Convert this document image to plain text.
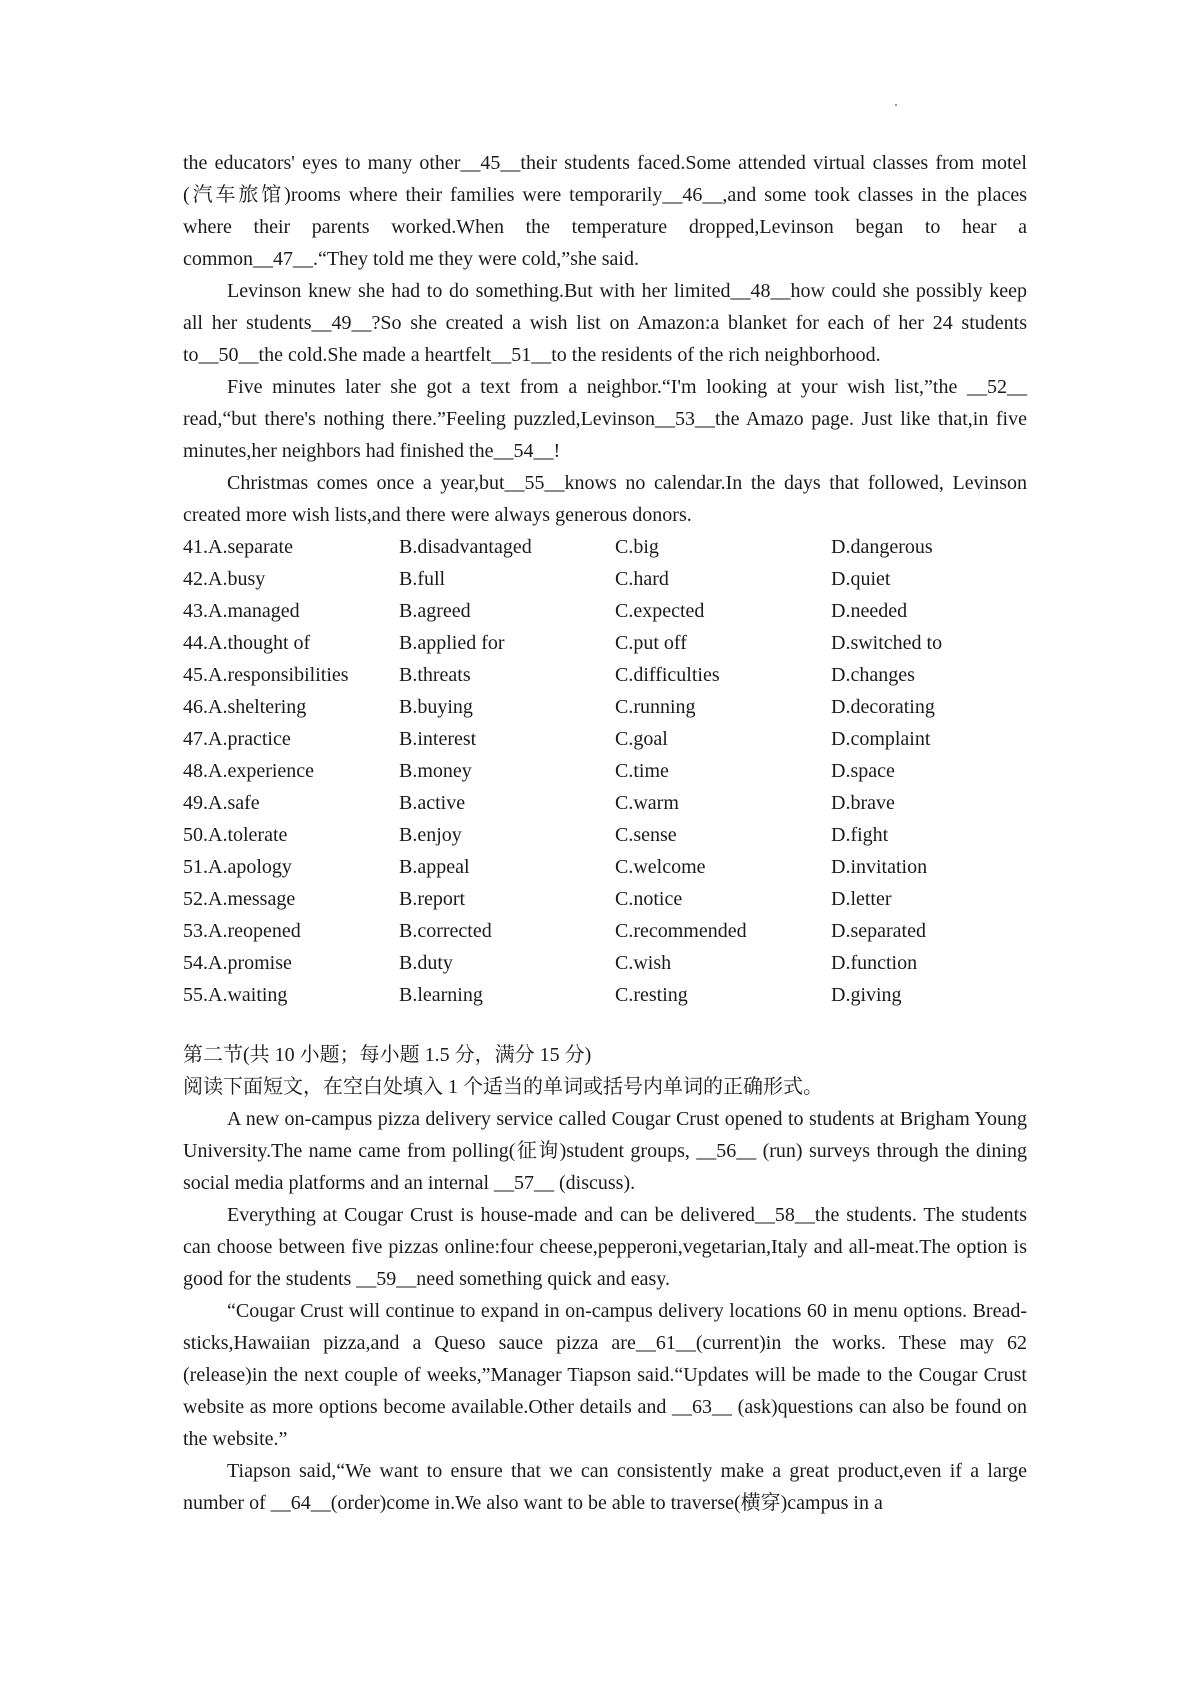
the educators' eyes to many other__45__their students faced.Some attended virtual classes from motel (汽车旅馆)rooms where their families were temporarily__46__,and some took classes in the places where their parents worked.When the temperature dropped,Levinson began to hear a common__47__.“They told me they were cold,”she said.

Levinson knew she had to do something.But with her limited__48__how could she possibly keep all her students__49__?So she created a wish list on Amazon:a blanket for each of her 24 students to__50__the cold.She made a heartfelt__51__to the residents of the rich neighborhood.

Five minutes later she got a text from a neighbor.“I'm looking at your wish list,”the __52__ read,“but there's nothing there.”Feeling puzzled,Levinson__53__the Amazo page. Just like that,in five minutes,her neighbors had finished the__54__!

Christmas comes once a year,but__55__knows no calendar.In the days that followed, Levinson created more wish lists,and there were always generous donors.

41.A.separate	B.disadvantaged	C.big	D.dangerous
42.A.busy	B.full	C.hard	D.quiet
43.A.managed	B.agreed	C.expected	D.needed
44.A.thought of	B.applied for	C.put off	D.switched to
45.A.responsibilities	B.threats	C.difficulties	D.changes
46.A.sheltering	B.buying	C.running	D.decorating
47.A.practice	B.interest	C.goal	D.complaint
48.A.experience	B.money	C.time	D.space
49.A.safe	B.active	C.warm	D.brave
50.A.tolerate	B.enjoy	C.sense	D.fight
51.A.apology	B.appeal	C.welcome	D.invitation
52.A.message	B.report	C.notice	D.letter
53.A.reopened	B.corrected	C.recommended	D.separated
54.A.promise	B.duty	C.wish	D.function
55.A.waiting	B.learning	C.resting	D.giving
第二节(共 10 小题；每小题 1.5 分，满分 15 分)
阅读下面短文，在空白处填入 1 个适当的单词或括号内单词的正确形式。

A new on-campus pizza delivery service called Cougar Crust opened to students at Brigham Young University.The name came from polling(征询)student groups, __56__ (run) surveys through the dining social media platforms and an internal __57__ (discuss).

Everything at Cougar Crust is house-made and can be delivered__58__the students. The students can choose between five pizzas online:four cheese,pepperoni,vegetarian,Italy and all-meat.The option is good for the students __59__need something quick and easy.

“Cougar Crust will continue to expand in on-campus delivery locations 60 in menu options. Bread-sticks,Hawaiian pizza,and a Queso sauce pizza are__61__(current)in the works. These may 62 (release)in the next couple of weeks,”Manager Tiapson said.“Updates will be made to the Cougar Crust website as more options become available.Other details and __63__ (ask)questions can also be found on the website.”

Tiapson said,“We want to ensure that we can consistently make a great product,even if a large number of __64__(order)come in.We also want to be able to traverse(横穿)campus in a
